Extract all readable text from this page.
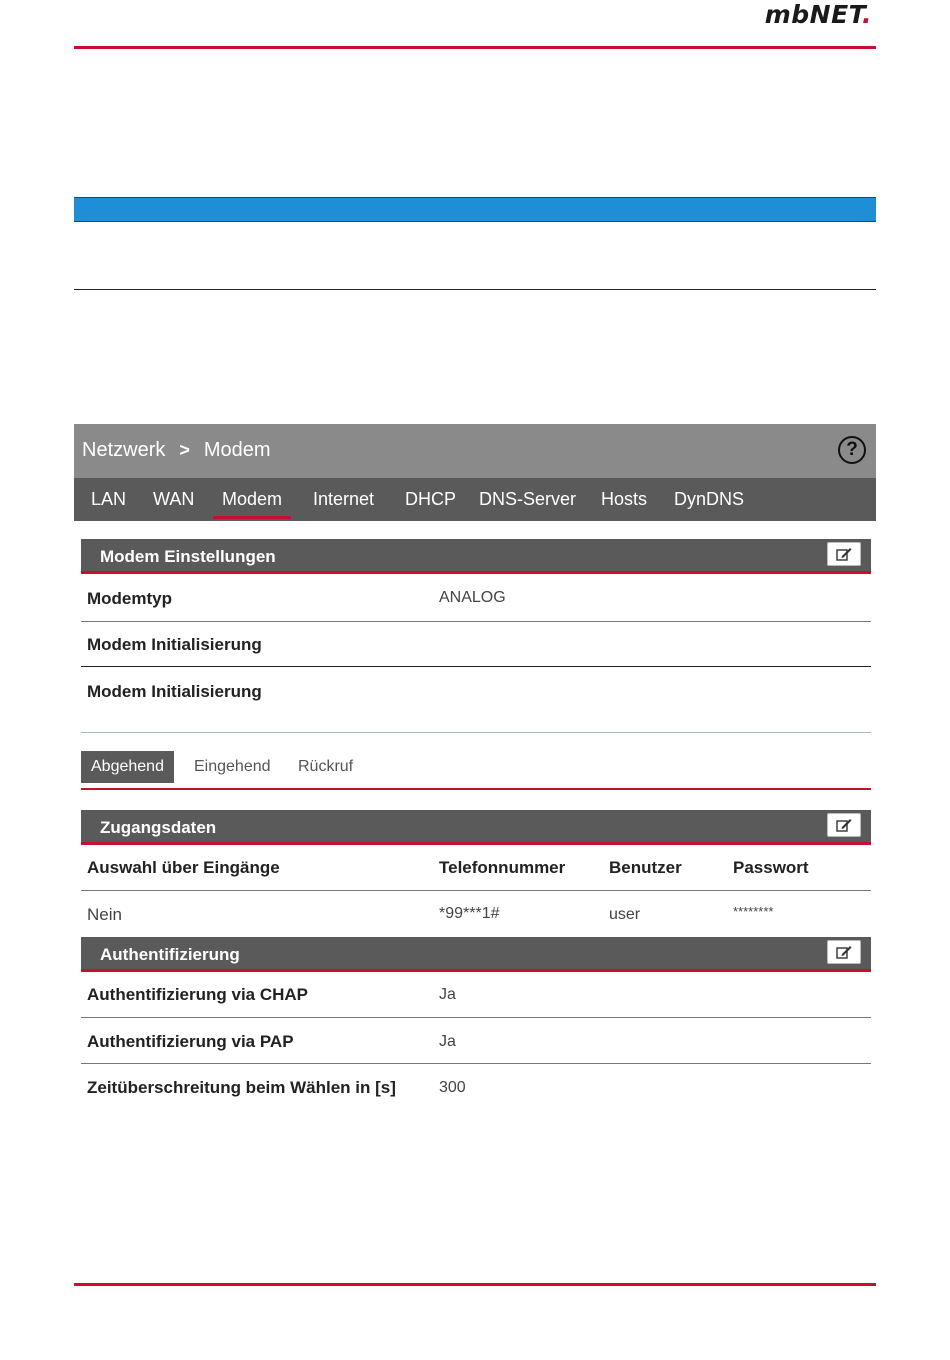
mbNET.
Netzwerk > Modem	?
LAN WAN Modem Internet DHCP DNS-Server Hosts DynDNS
Modem Einstellungen
Modemtyp	ANALOG
Modem Initialisierung
Modem Initialisierung
Abgehend	Eingehend Rückruf
Zugangsdaten
Auswahl über Eingänge	Telefonnummer	Benutzer	Passwort
Nein	*99***1#	user	********
Authentifizierung
Authentifizierung via CHAP	Ja
Authentifizierung via PAP	Ja
Zeitüberschreitung beim Wählen in [s]	300
